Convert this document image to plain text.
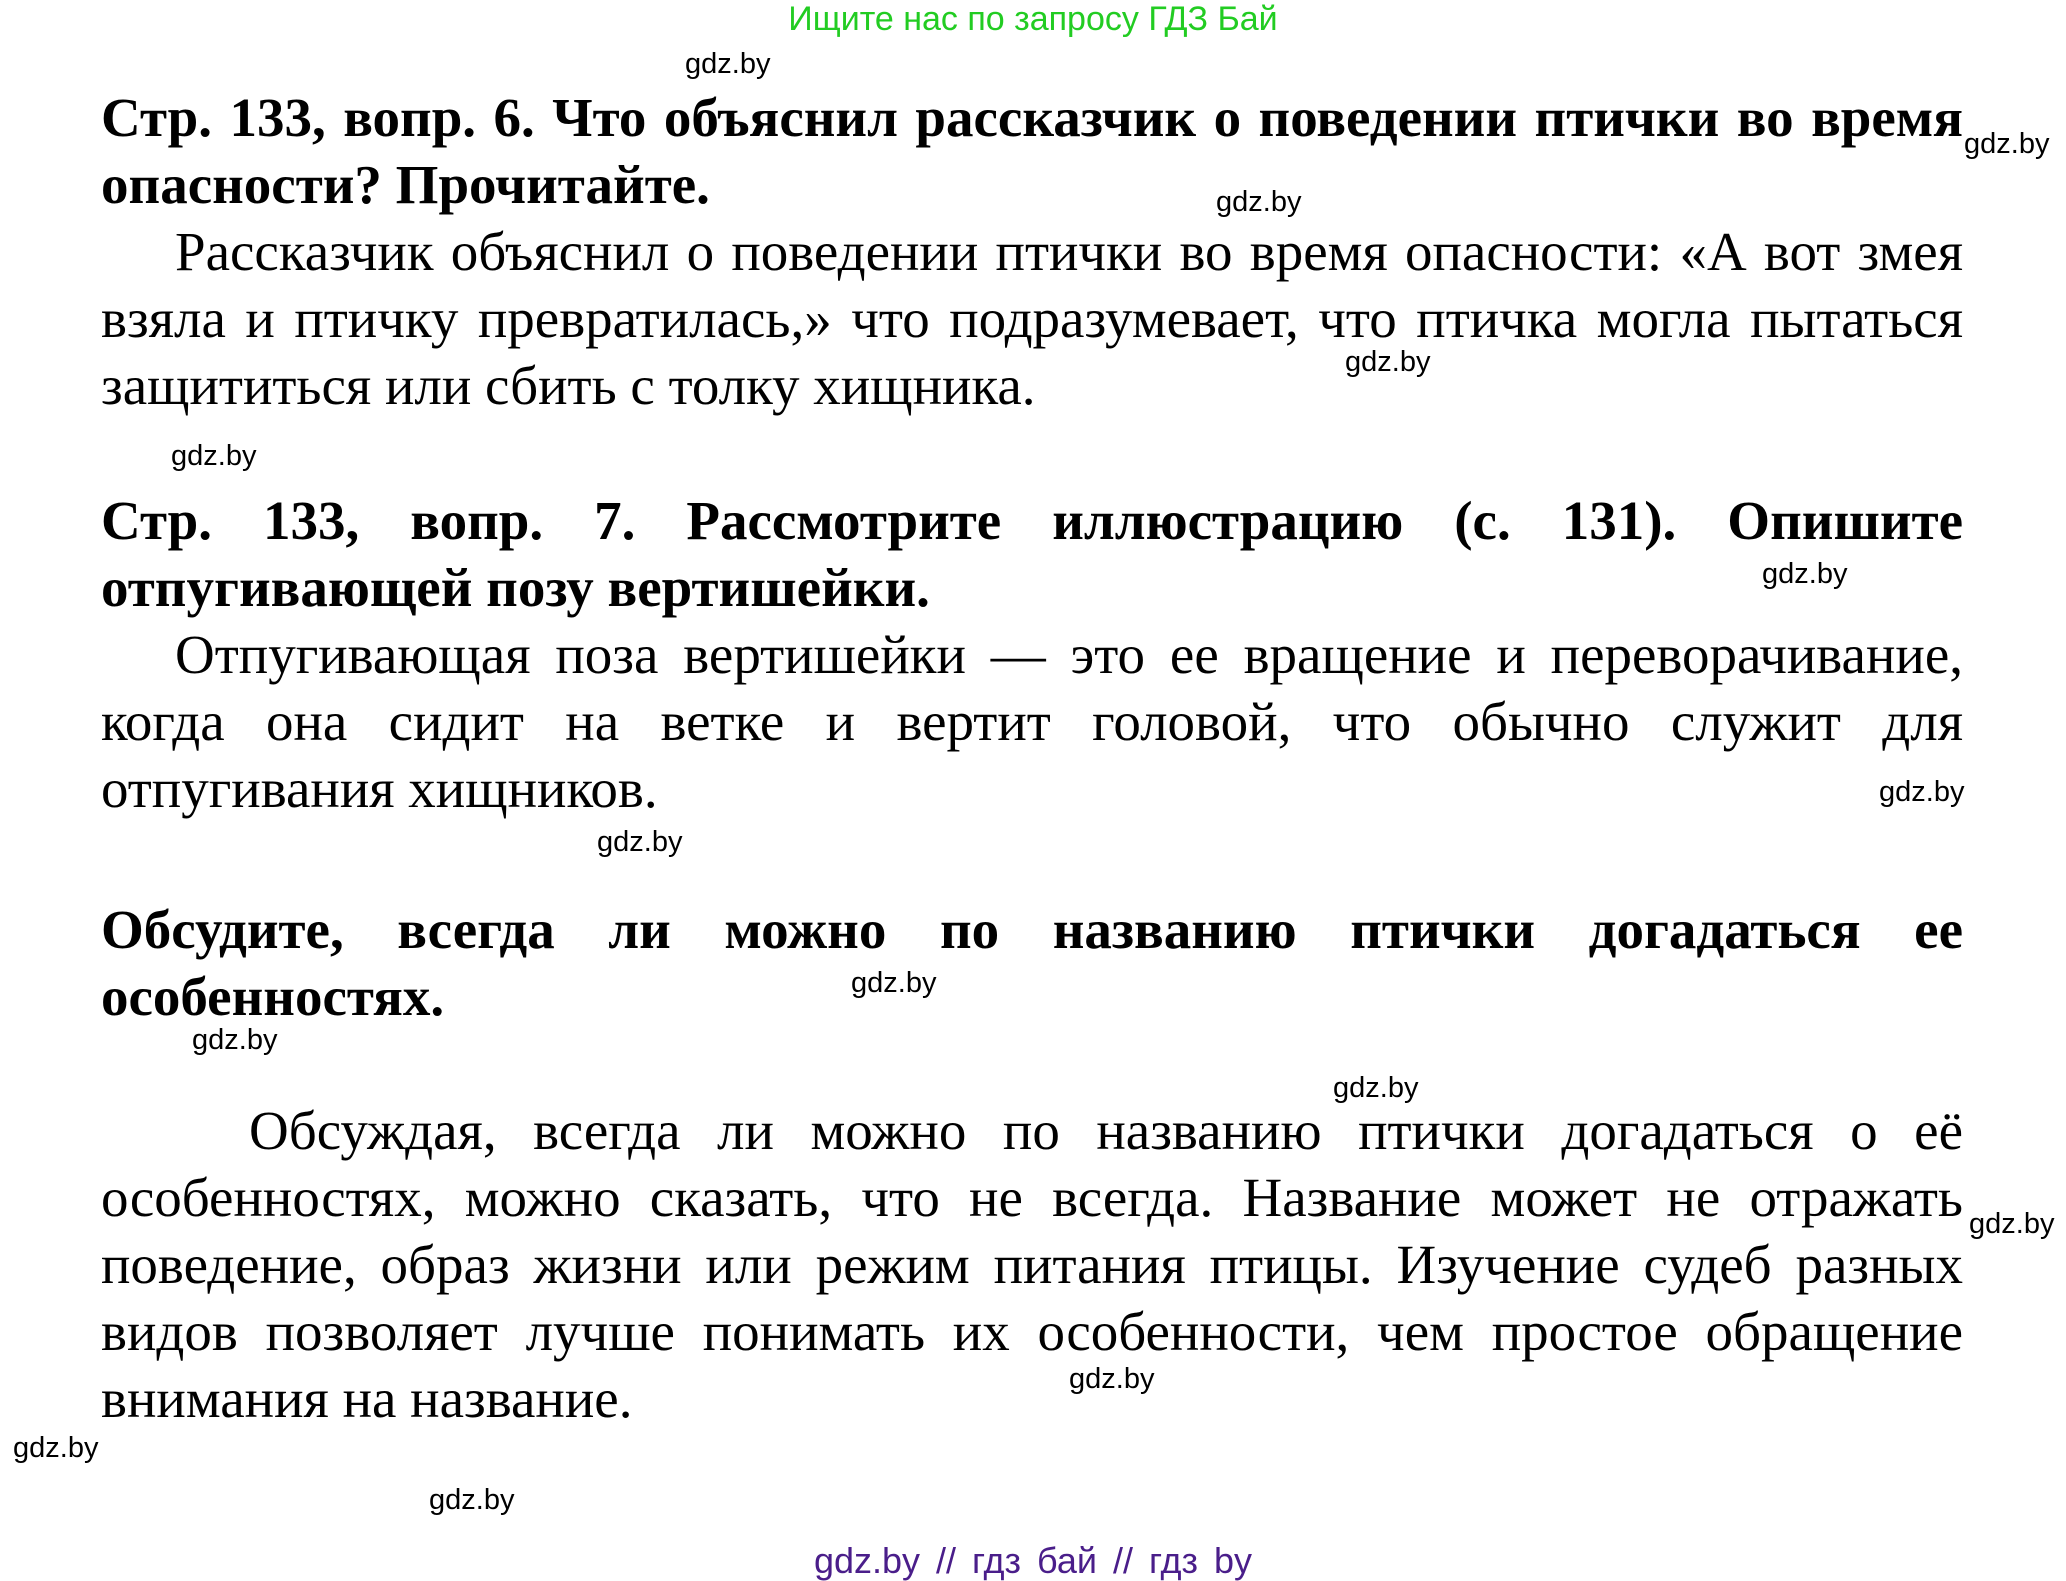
Ищите нас по запросу ГДЗ Бай

Стр. 133, вопр. 6. Что объяснил рассказчик о поведении птички во время опасности? Прочитайте.

Рассказчик объяснил о поведении птички во время опасности: «А вот змея взяла и птичку превратилась,» что подразумевает, что птичка могла пытаться защититься или сбить с толку хищника.

Стр. 133, вопр. 7. Рассмотрите иллюстрацию (с. 131). Опишите отпугивающей позу вертишейки.

Отпугивающая поза вертишейки — это ее вращение и переворачивание, когда она сидит на ветке и вертит головой, что обычно служит для отпугивания хищников.

Обсудите, всегда ли можно по названию птички догадаться ее особенностях.

Обсуждая, всегда ли можно по названию птички догадаться о её особенностях, можно сказать, что не всегда. Название может не отражать поведение, образ жизни или режим питания птицы. Изучение судеб разных видов позволяет лучше понимать их особенности, чем простое обращение внимания на название.

gdz.by
gdz.by
gdz.by
gdz.by
gdz.by
gdz.by
gdz.by
gdz.by
gdz.by
gdz.by
gdz.by
gdz.by
gdz.by
gdz.by
gdz.by
gdz.by // гдз бай // гдз by
